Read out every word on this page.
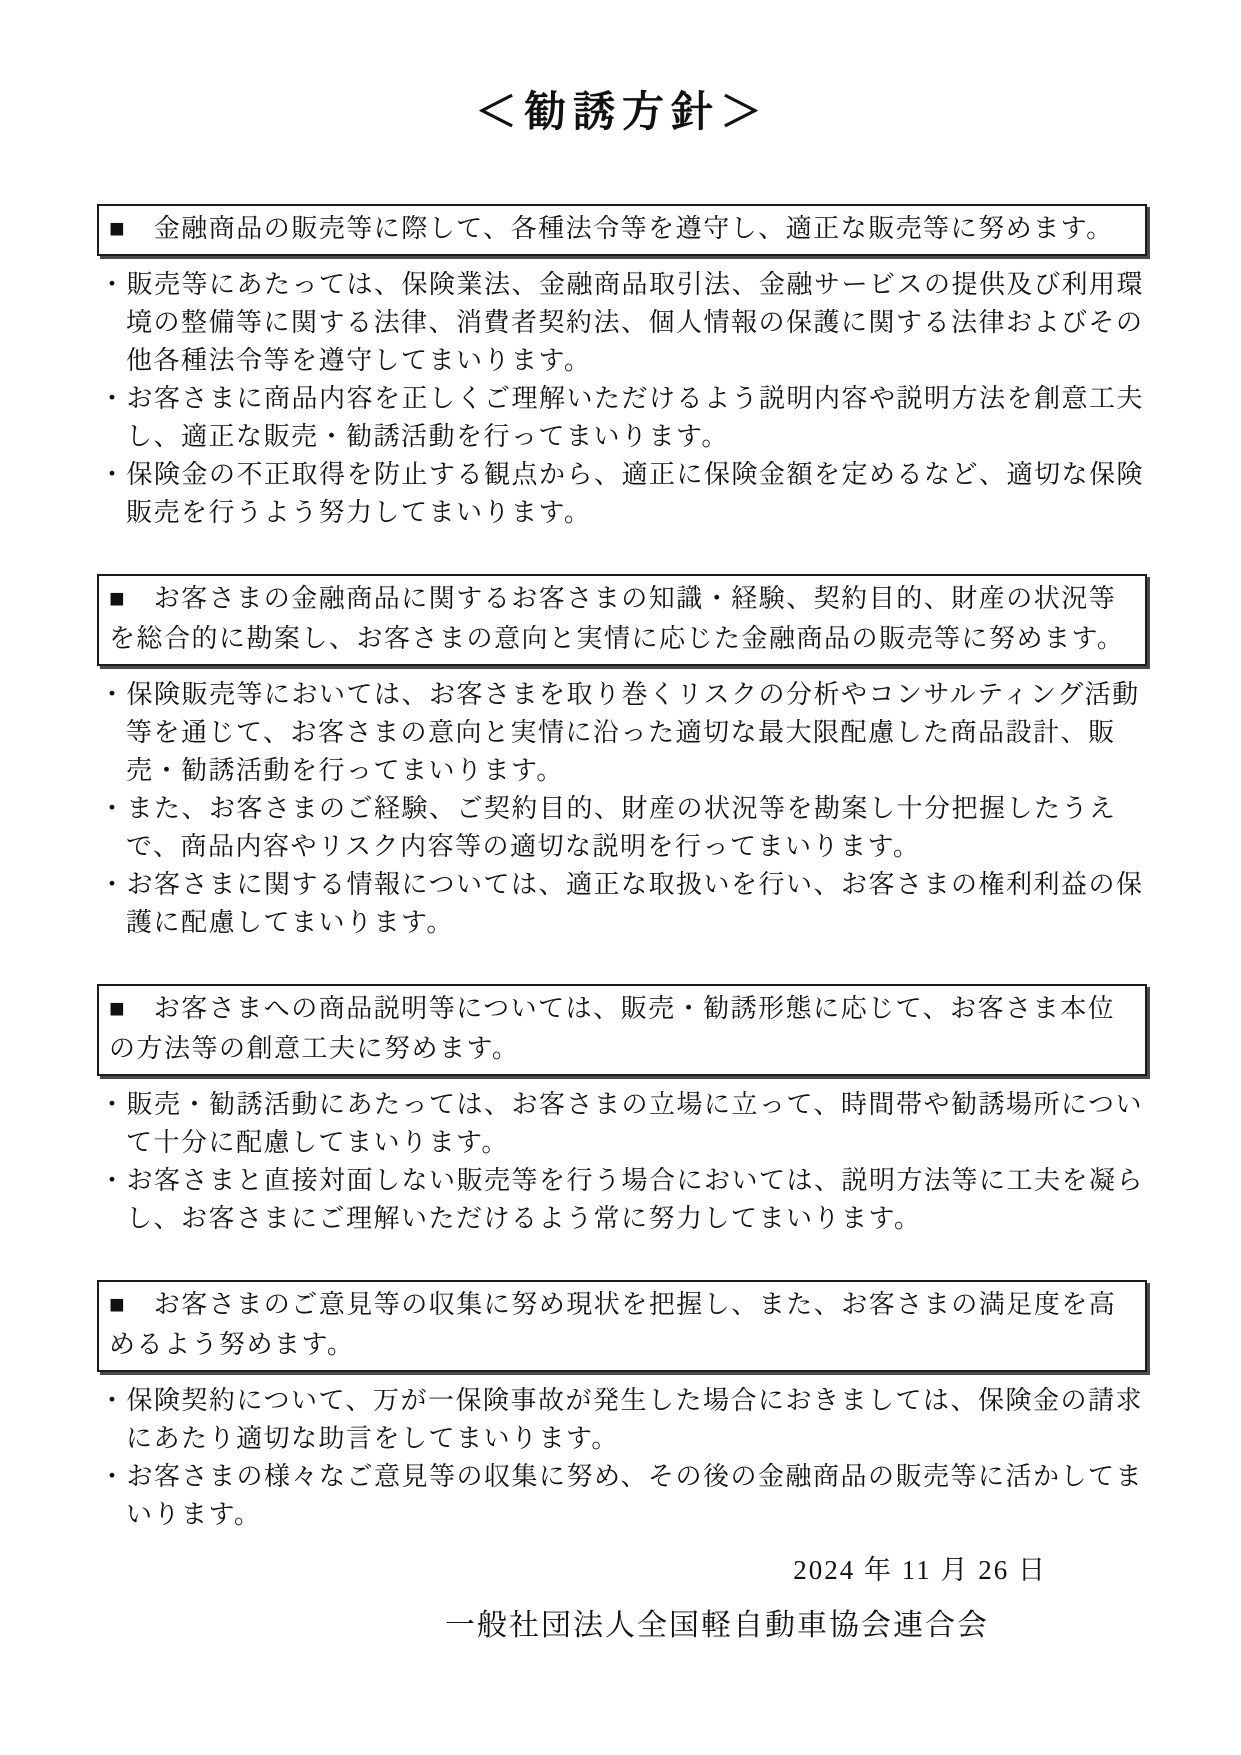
＜勧誘方針＞
■　金融商品の販売等に際して、各種法令等を遵守し、適正な販売等に努めます。

・販売等にあたっては、保険業法、金融商品取引法、金融サービスの提供及び利用環境の整備等に関する法律、消費者契約法、個人情報の保護に関する法律およびその他各種法令等を遵守してまいります。

・お客さまに商品内容を正しくご理解いただけるよう説明内容や説明方法を創意工夫し、適正な販売・勧誘活動を行ってまいります。

・保険金の不正取得を防止する観点から、適正に保険金額を定めるなど、適切な保険販売を行うよう努力してまいります。

■　お客さまの金融商品に関するお客さまの知識・経験、契約目的、財産の状況等を総合的に勘案し、お客さまの意向と実情に応じた金融商品の販売等に努めます。

・保険販売等においては、お客さまを取り巻くリスクの分析やコンサルティング活動等を通じて、お客さまの意向と実情に沿った適切な最大限配慮した商品設計、販売・勧誘活動を行ってまいります。

・また、お客さまのご経験、ご契約目的、財産の状況等を勘案し十分把握したうえで、商品内容やリスク内容等の適切な説明を行ってまいります。

・お客さまに関する情報については、適正な取扱いを行い、お客さまの権利利益の保護に配慮してまいります。

■　お客さまへの商品説明等については、販売・勧誘形態に応じて、お客さま本位の方法等の創意工夫に努めます。

・販売・勧誘活動にあたっては、お客さまの立場に立って、時間帯や勧誘場所について十分に配慮してまいります。

・お客さまと直接対面しない販売等を行う場合においては、説明方法等に工夫を凝らし、お客さまにご理解いただけるよう常に努力してまいります。

■　お客さまのご意見等の収集に努め現状を把握し、また、お客さまの満足度を高めるよう努めます。

・保険契約について、万が一保険事故が発生した場合におきましては、保険金の請求にあたり適切な助言をしてまいります。

・お客さまの様々なご意見等の収集に努め、その後の金融商品の販売等に活かしてまいります。

2024 年 11 月 26 日
一般社団法人全国軽自動車協会連合会
